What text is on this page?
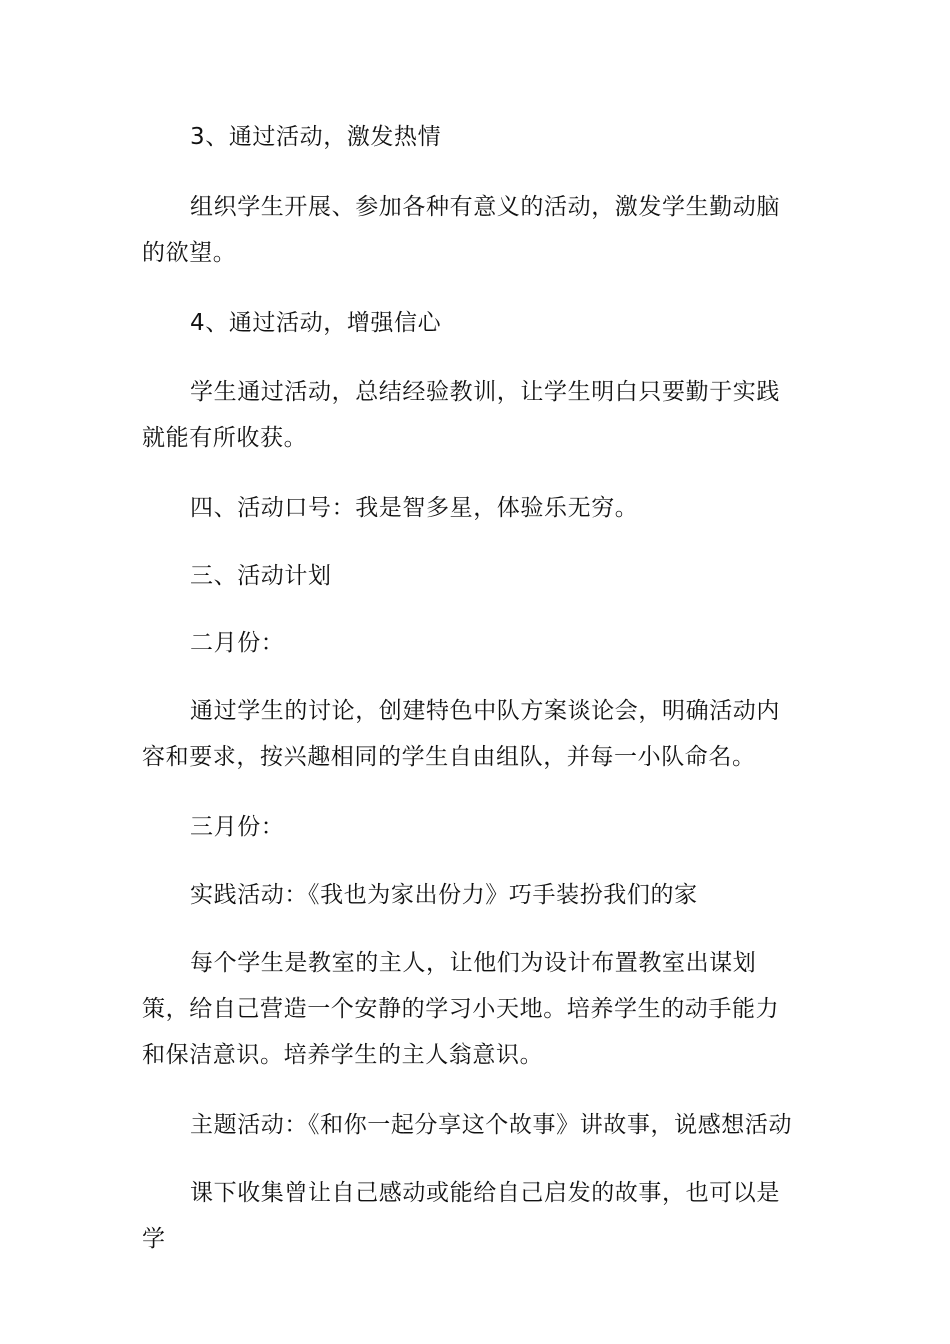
3、通过活动，激发热情

组织学生开展、参加各种有意义的活动，激发学生勤动脑的欲望。

4、通过活动，增强信心

学生通过活动，总结经验教训，让学生明白只要勤于实践就能有所收获。

四、活动口号：我是智多星，体验乐无穷。

三、活动计划

二月份：

通过学生的讨论，创建特色中队方案谈论会，明确活动内容和要求，按兴趣相同的学生自由组队，并每一小队命名。

三月份：

实践活动：《我也为家出份力》巧手装扮我们的家

每个学生是教室的主人，让他们为设计布置教室出谋划策，给自己营造一个安静的学习小天地。培养学生的动手能力和保洁意识。培养学生的主人翁意识。

主题活动：《和你一起分享这个故事》讲故事，说感想活动

课下收集曾让自己感动或能给自己启发的故事，也可以是学
